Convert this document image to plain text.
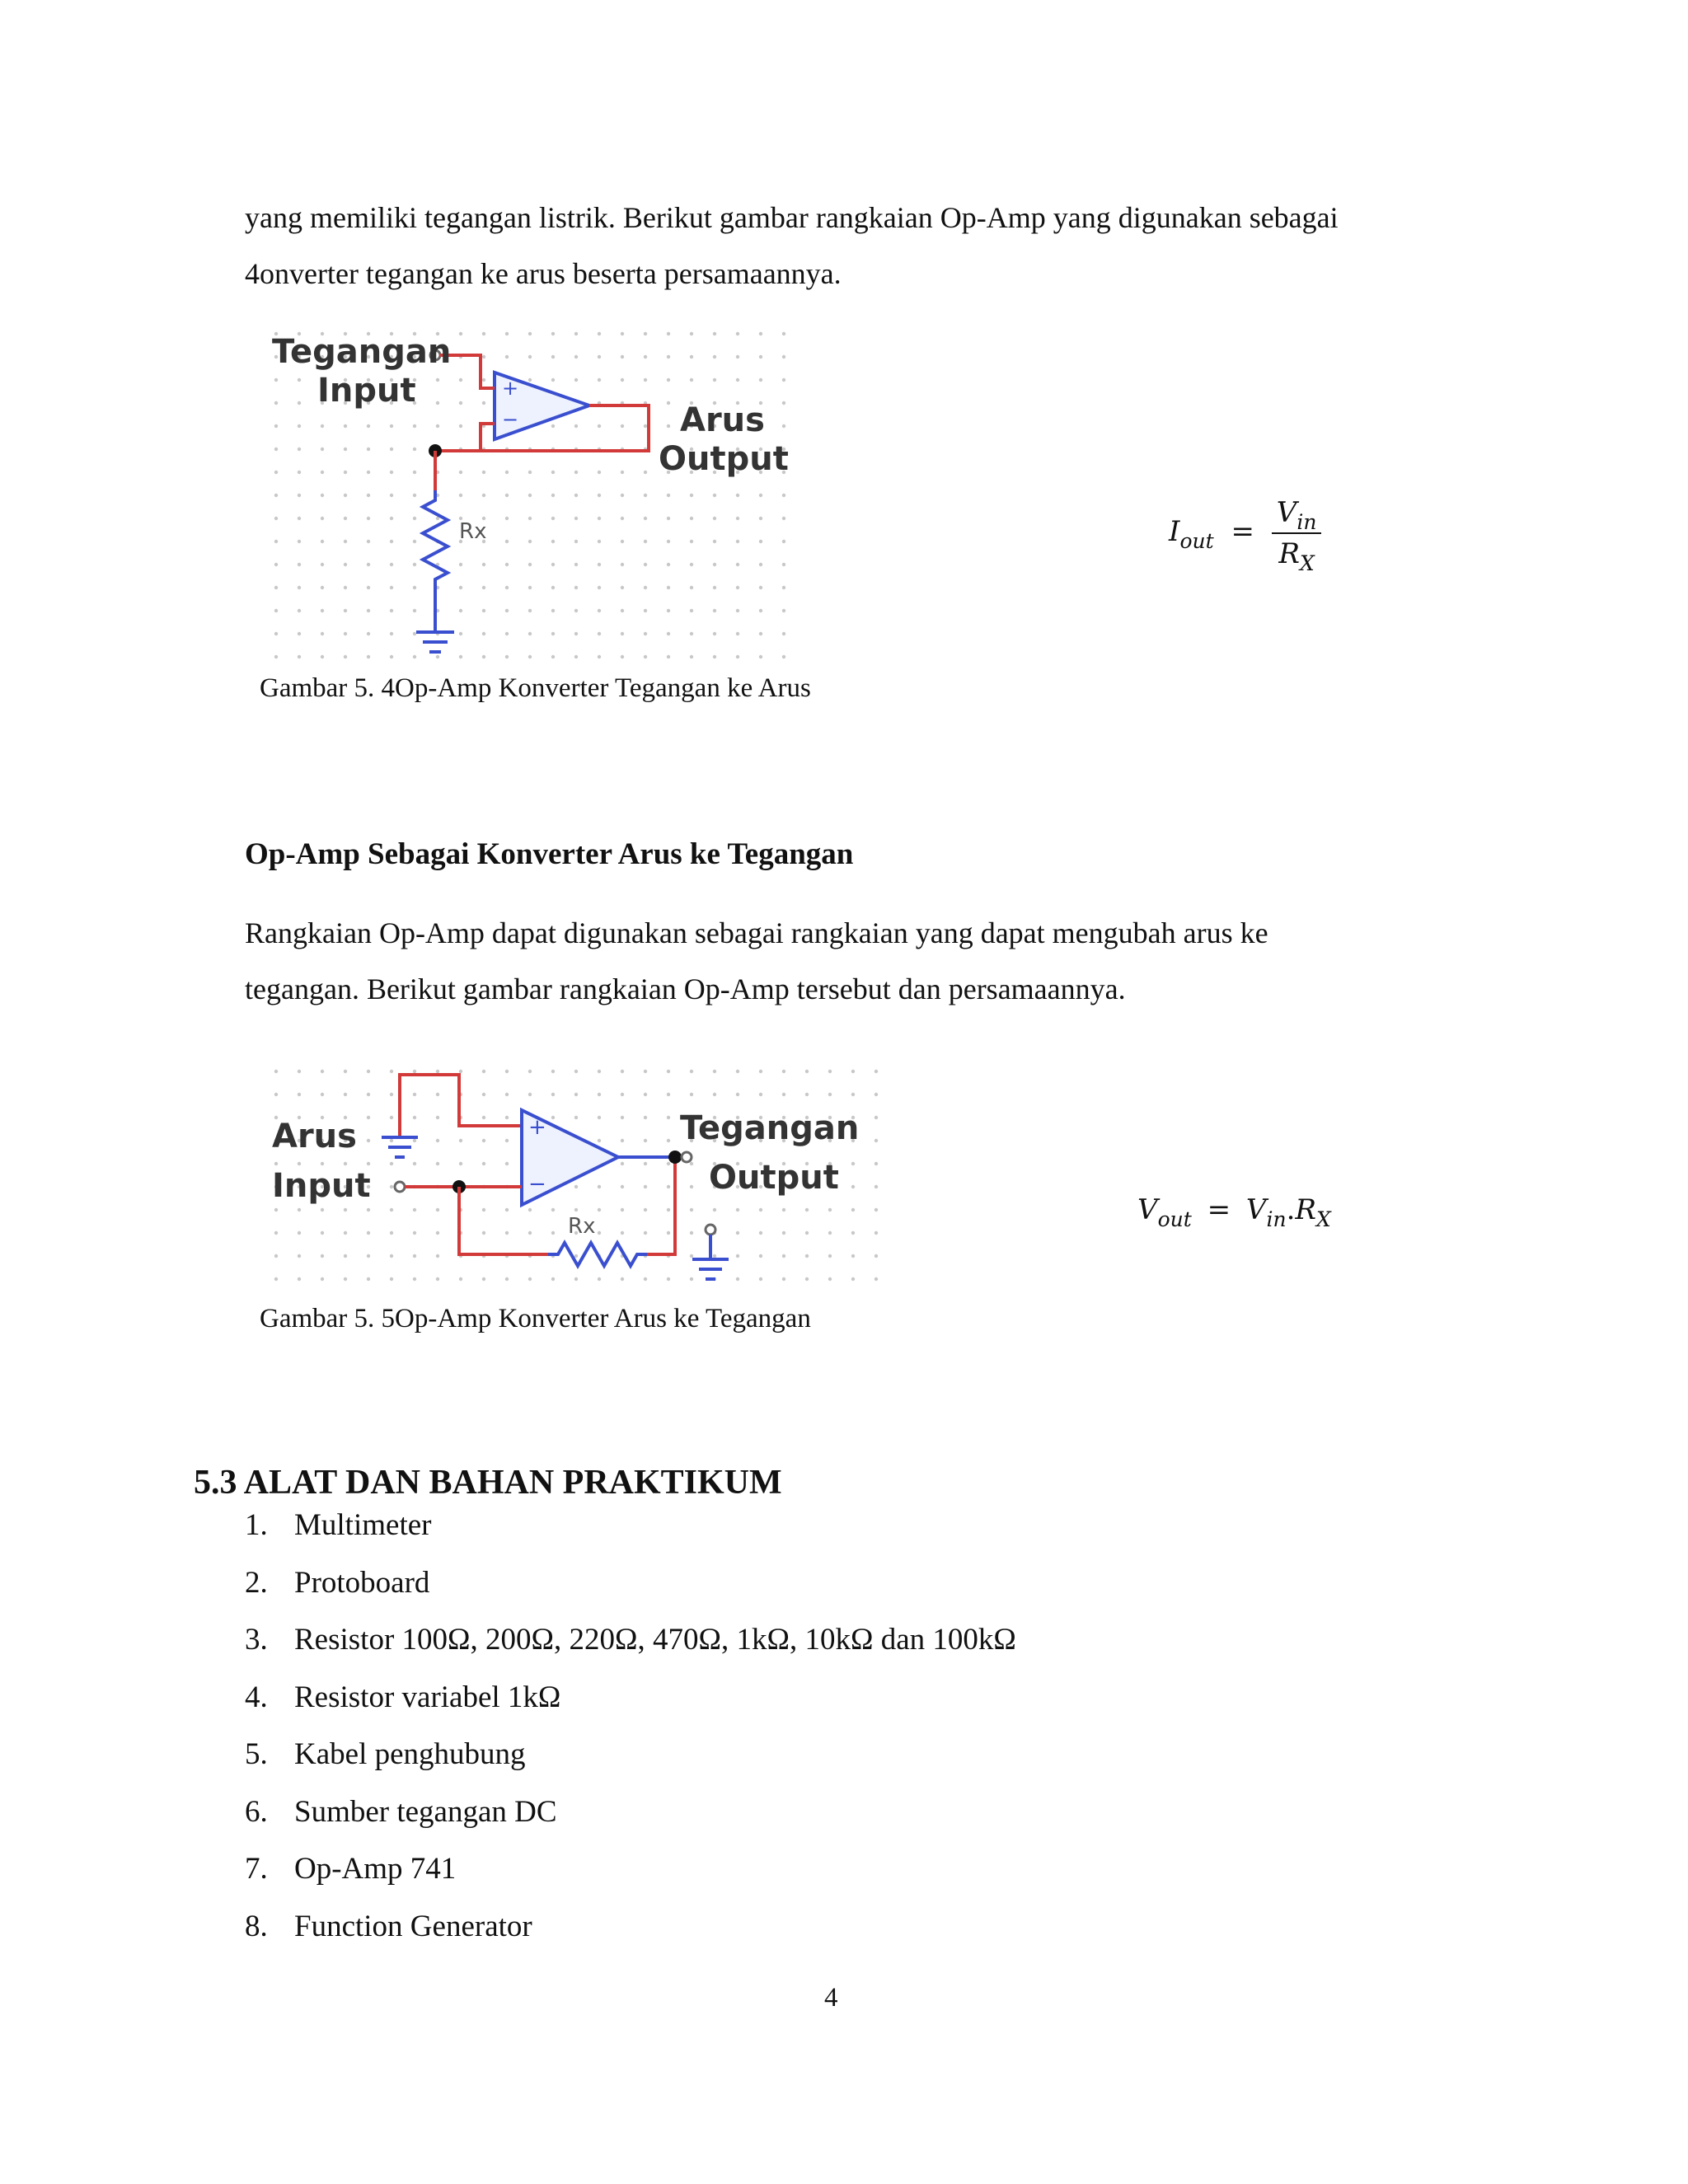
yang memiliki tegangan listrik. Berikut gambar rangkaian Op-Amp yang digunakan sebagai
4onverter tegangan ke arus beserta persamaannya.
+
−
Rx
Tegangan
Input
Arus
Output
$I_{out} = \frac{V_{in}}{R_X}$
Gambar 5. 4Op-Amp Konverter Tegangan ke Arus
Op-Amp Sebagai Konverter Arus ke Tegangan
Rangkaian Op-Amp dapat digunakan sebagai rangkaian yang dapat mengubah arus ke
tegangan. Berikut gambar rangkaian Op-Amp tersebut dan persamaannya.
+
−
Rx
Arus
Input
Tegangan
Output
$V_{out} = V_{in}.R_X$
Gambar 5. 5Op-Amp Konverter Arus ke Tegangan
5.3 ALAT DAN BAHAN PRAKTIKUM
1. Multimeter
2. Protoboard
3. Resistor 100Ω, 200Ω, 220Ω, 470Ω, 1kΩ, 10kΩ dan 100kΩ
4. Resistor variabel 1kΩ
5. Kabel penghubung
6. Sumber tegangan DC
7. Op-Amp 741
8. Function Generator
4
